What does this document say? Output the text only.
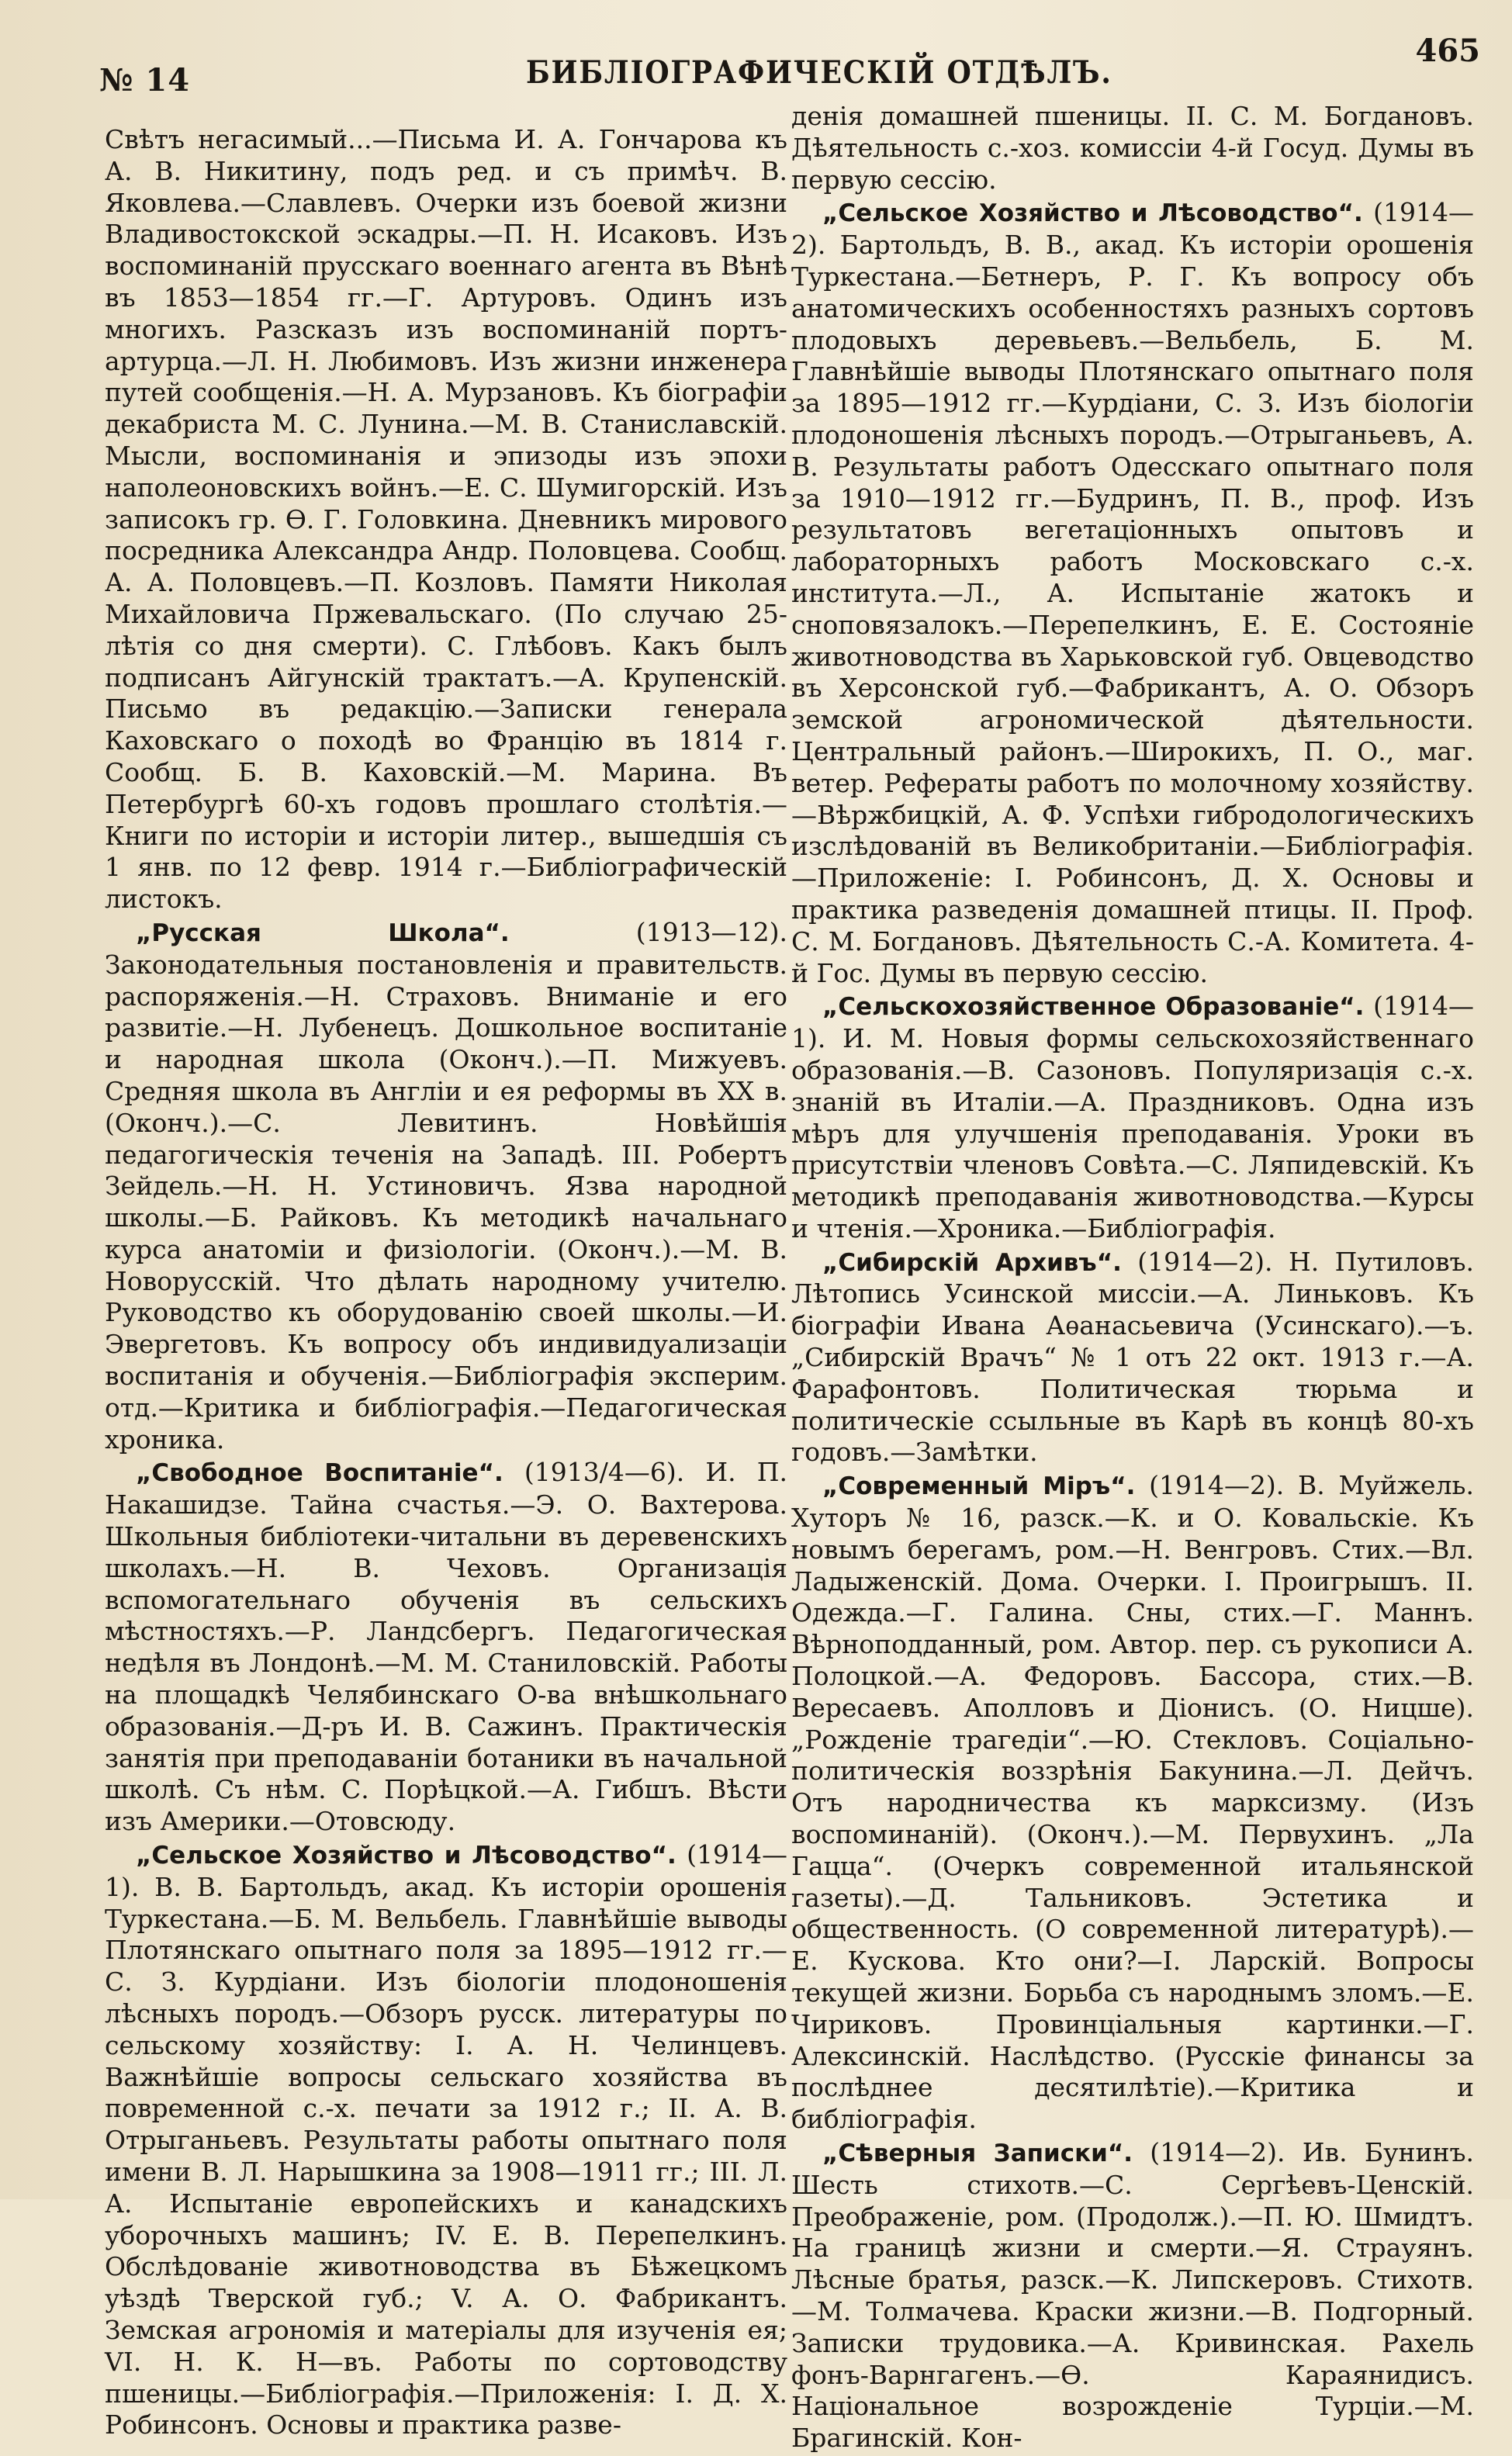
№ 14	БИБЛIОГРАФИЧЕСКIЙ ОТДѢЛЪ.
465

Свѣтъ негасимый...—Письма И. А. Гончарова къ А. В. Никитину, подъ ред. и съ примѣч. В. Яковлева.—Славлевъ. Очерки изъ боевой жизни Владивостокской эскадры.—П. Н. Исаковъ. Изъ воспоминанiй прусскаго военнаго агента въ Вѣнѣ въ 1853—1854 гг.—Г. Артуровъ. Одинъ изъ многихъ. Разсказъ изъ воспоминанiй портъ-артурца.—Л. Н. Любимовъ. Изъ жизни инженера путей сообщенiя.—Н. А. Мурзановъ. Къ бiографiи декабриста М. С. Лунина.—М. В. Станиславскiй. Мысли, воспоминанiя и эпизоды изъ эпохи наполеоновскихъ войнъ.—Е. С. Шумигорскiй. Изъ записокъ гр. Ѳ. Г. Головкина. Дневникъ мирового посредника Александра Андр. Половцева. Сообщ. А. А. Половцевъ.—П. Козловъ. Памяти Николая Михайловича Пржевальскаго. (По случаю 25-лѣтiя со дня смерти). С. Глѣбовъ. Какъ былъ подписанъ Айгунскiй трактатъ.—А. Крупенскiй. Письмо въ редакцiю.—Записки генерала Каховскаго о походѣ во Францiю въ 1814 г. Сообщ. Б. В. Каховскiй.—М. Марина. Въ Петербургѣ 60-хъ годовъ прошлаго столѣтiя.—Книги по исторiи и исторiи литер., вышедшiя съ 1 янв. по 12 февр. 1914 г.—Библiографическiй листокъ.

„Русская Школа“. (1913—12). Законодательныя постановленiя и правительств. распоряженiя.—Н. Страховъ. Вниманiе и его развитiе.—Н. Лубенецъ. Дошкольное воспитанiе и народная школа (Оконч.).—П. Мижуевъ. Средняя школа въ Англiи и ея реформы въ XX в. (Оконч.).—С. Левитинъ. Новѣйшiя педагогическiя теченiя на Западѣ. III. Робертъ Зейдель.—Н. Н. Устиновичъ. Язва народной школы.—Б. Райковъ. Къ методикѣ начальнаго курса анатомiи и физiологiи. (Оконч.).—М. В. Новорусскiй. Что дѣлать народному учителю. Руководство къ оборудованiю своей школы.—И. Эвергетовъ. Къ вопросу объ индивидуализацiи воспитанiя и обученiя.—Библiографiя эксперим. отд.—Критика и библiографiя.—Педагогическая хроника.

„Свободное Воспитанiе“. (1913/4—6). И. П. Накашидзе. Тайна счастья.—Э. О. Вахтерова. Школьныя библiотеки-читальни въ деревенскихъ школахъ.—Н. В. Чеховъ. Организацiя вспомогательнаго обученiя въ сельскихъ мѣстностяхъ.—Р. Ландсбергъ. Педагогическая недѣля въ Лондонѣ.—М. М. Станиловскiй. Работы на площадкѣ Челябинскаго О-ва внѣшкольнаго образованiя.—Д-ръ И. В. Сажинъ. Практическiя занятiя при преподаванiи ботаники въ начальной школѣ. Съ нѣм. С. Порѣцкой.—А. Гибшъ. Вѣсти изъ Америки.—Отовсюду.

„Сельское Хозяйство и Лѣсоводство“. (1914—1). В. В. Бартольдъ, акад. Къ исторiи орошенiя Туркестана.—Б. М. Вельбель. Главнѣйшiе выводы Плотянскаго опытнаго поля за 1895—1912 гг.—С. З. Курдiани. Изъ бiологiи плодоношенiя лѣсныхъ породъ.—Обзоръ русск. литературы по сельскому хозяйству: I. А. Н. Челинцевъ. Важнѣйшiе вопросы сельскаго хозяйства въ повременной с.-х. печати за 1912 г.; II. А. В. Отрыганьевъ. Результаты работы опытнаго поля имени В. Л. Нарышкина за 1908—1911 гг.; III. Л. А. Испытанiе европейскихъ и канадскихъ уборочныхъ машинъ; IV. Е. В. Перепелкинъ. Обслѣдованiе животноводства въ Бѣжецкомъ уѣздѣ Тверской губ.; V. А. О. Фабрикантъ. Земская агрономiя и матерiалы для изученiя ея; VI. Н. К. Н—въ. Работы по сортоводству пшеницы.—Библiографiя.—Приложенiя: I. Д. Х. Робинсонъ. Основы и практика разве-

денiя домашней пшеницы. II. С. М. Богдановъ. Дѣятельность с.-хоз. комиссiи 4-й Госуд. Думы въ первую сессiю.

„Сельское Хозяйство и Лѣсоводство“. (1914—2). Бартольдъ, В. В., акад. Къ исторiи орошенiя Туркестана.—Бетнеръ, Р. Г. Къ вопросу объ анатомическихъ особенностяхъ разныхъ сортовъ плодовыхъ деревьевъ.—Вельбель, Б. М. Главнѣйшiе выводы Плотянскаго опытнаго поля за 1895—1912 гг.—Курдiани, С. З. Изъ бiологiи плодоношенiя лѣсныхъ породъ.—Отрыганьевъ, А. В. Результаты работъ Одесскаго опытнаго поля за 1910—1912 гг.—Будринъ, П. В., проф. Изъ результатовъ вегетацiонныхъ опытовъ и лабораторныхъ работъ Московскаго с.-х. института.—Л., А. Испытанiе жатокъ и сноповязалокъ.—Перепелкинъ, Е. Е. Состоянiе животноводства въ Харьковской губ. Овцеводство въ Херсонской губ.—Фабрикантъ, А. О. Обзоръ земской агрономической дѣятельности. Центральный районъ.—Широкихъ, П. О., маг. ветер. Рефераты работъ по молочному хозяйству.—Вѣржбицкiй, А. Ф. Успѣхи гибродологическихъ изслѣдованiй въ Великобританiи.—Библiографiя.—Приложенiе: I. Робинсонъ, Д. Х. Основы и практика разведенiя домашней птицы. II. Проф. С. М. Богдановъ. Дѣятельность С.-А. Комитета. 4-й Гос. Думы въ первую сессiю.

„Сельскохозяйственное Образованiе“. (1914—1). И. М. Новыя формы сельскохозяйственнаго образованiя.—В. Сазоновъ. Популяризацiя с.-х. знанiй въ Италiи.—А. Праздниковъ. Одна изъ мѣръ для улучшенiя преподаванiя. Уроки въ присутствiи членовъ Совѣта.—С. Ляпидевскiй. Къ методикѣ преподаванiя животноводства.—Курсы и чтенiя.—Хроника.—Библiографiя.

„Сибирскiй Архивъ“. (1914—2). Н. Путиловъ. Лѣтопись Усинской миссiи.—А. Линьковъ. Къ бiографiи Ивана Аѳанасьевича (Усинскаго).—ъ. „Сибирскiй Врачъ“ № 1 отъ 22 окт. 1913 г.—А. Фарафонтовъ. Политическая тюрьма и политическiе ссыльные въ Карѣ въ концѣ 80-хъ годовъ.—Замѣтки.

„Современный Мiръ“. (1914—2). В. Муйжель. Хуторъ № 16, разск.—К. и О. Ковальскiе. Къ новымъ берегамъ, ром.—Н. Венгровъ. Стих.—Вл. Ладыженскiй. Дома. Очерки. I. Проигрышъ. II. Одежда.—Г. Галина. Сны, стих.—Г. Маннъ. Вѣрноподданный, ром. Автор. пер. съ рукописи А. Полоцкой.—А. Федоровъ. Бассора, стих.—В. Вересаевъ. Аполловъ и Дiонисъ. (О. Ницше). „Рожденiе трагедiи“.—Ю. Стекловъ. Соцiально-политическiя воззрѣнiя Бакунина.—Л. Дейчъ. Отъ народничества къ марксизму. (Изъ воспоминанiй). (Оконч.).—М. Первухинъ. „Ла Гацца“. (Очеркъ современной итальянской газеты).—Д. Тальниковъ. Эстетика и общественность. (О современной литературѣ).—Е. Кускова. Кто они?—I. Ларскiй. Вопросы текущей жизни. Борьба съ народнымъ зломъ.—Е. Чириковъ. Провинцiальныя картинки.—Г. Алексинскiй. Наслѣдство. (Русскiе финансы за послѣднее десятилѣтiе).—Критика и библiографiя.

„Сѣверныя Записки“. (1914—2). Ив. Бунинъ. Шесть стихотв.—С. Сергѣевъ-Ценскiй. Преображенiе, ром. (Продолж.).—П. Ю. Шмидтъ. На границѣ жизни и смерти.—Я. Страуянъ. Лѣсные братья, разск.—К. Липскеровъ. Стихотв.—М. Толмачева. Краски жизни.—В. Подгорный. Записки трудовика.—А. Кривинская. Рахель фонъ-Варнгагенъ.—Ѳ. Караянидисъ. Нацiональное возрожденiе Турцiи.—М. Брагинскiй. Кон-
